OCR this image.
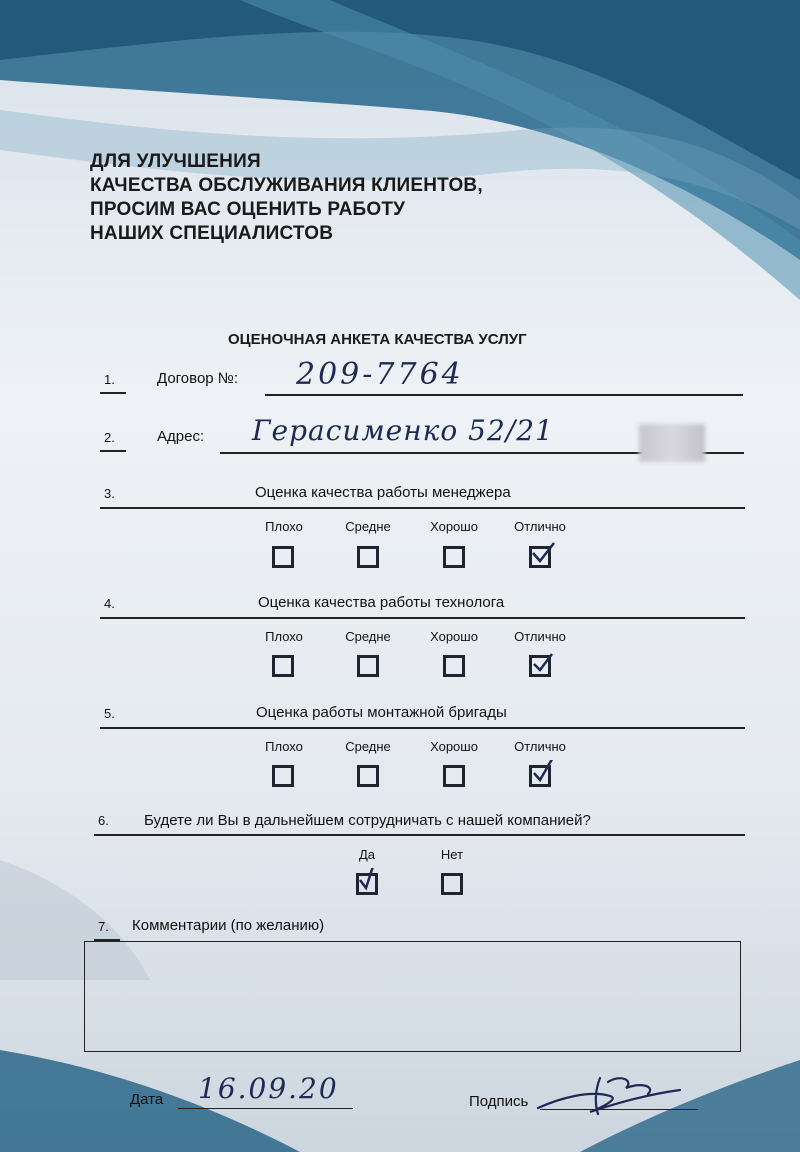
ДЛЯ УЛУЧШЕНИЯ
КАЧЕСТВА ОБСЛУЖИВАНИЯ КЛИЕНТОВ,
ПРОСИМ ВАС ОЦЕНИТЬ РАБОТУ
НАШИХ СПЕЦИАЛИСТОВ
ОЦЕНОЧНАЯ АНКЕТА КАЧЕСТВА УСЛУГ
1.	Договор №: 209-7764
2.	Адрес: Герасименко 52/21
3.	Оценка качества работы менеджера
Плохо	Средне	Хорошо	Отлично
4.	Оценка качества работы технолога
Плохо	Средне	Хорошо	Отлично
5.	Оценка работы монтажной бригады
Плохо	Средне	Хорошо	Отлично
6. Будете ли Вы в дальнейшем сотрудничать с нашей компанией?
Да	Нет
7. Комментарии (по желанию)
Дата 16.09.20	Подпись
